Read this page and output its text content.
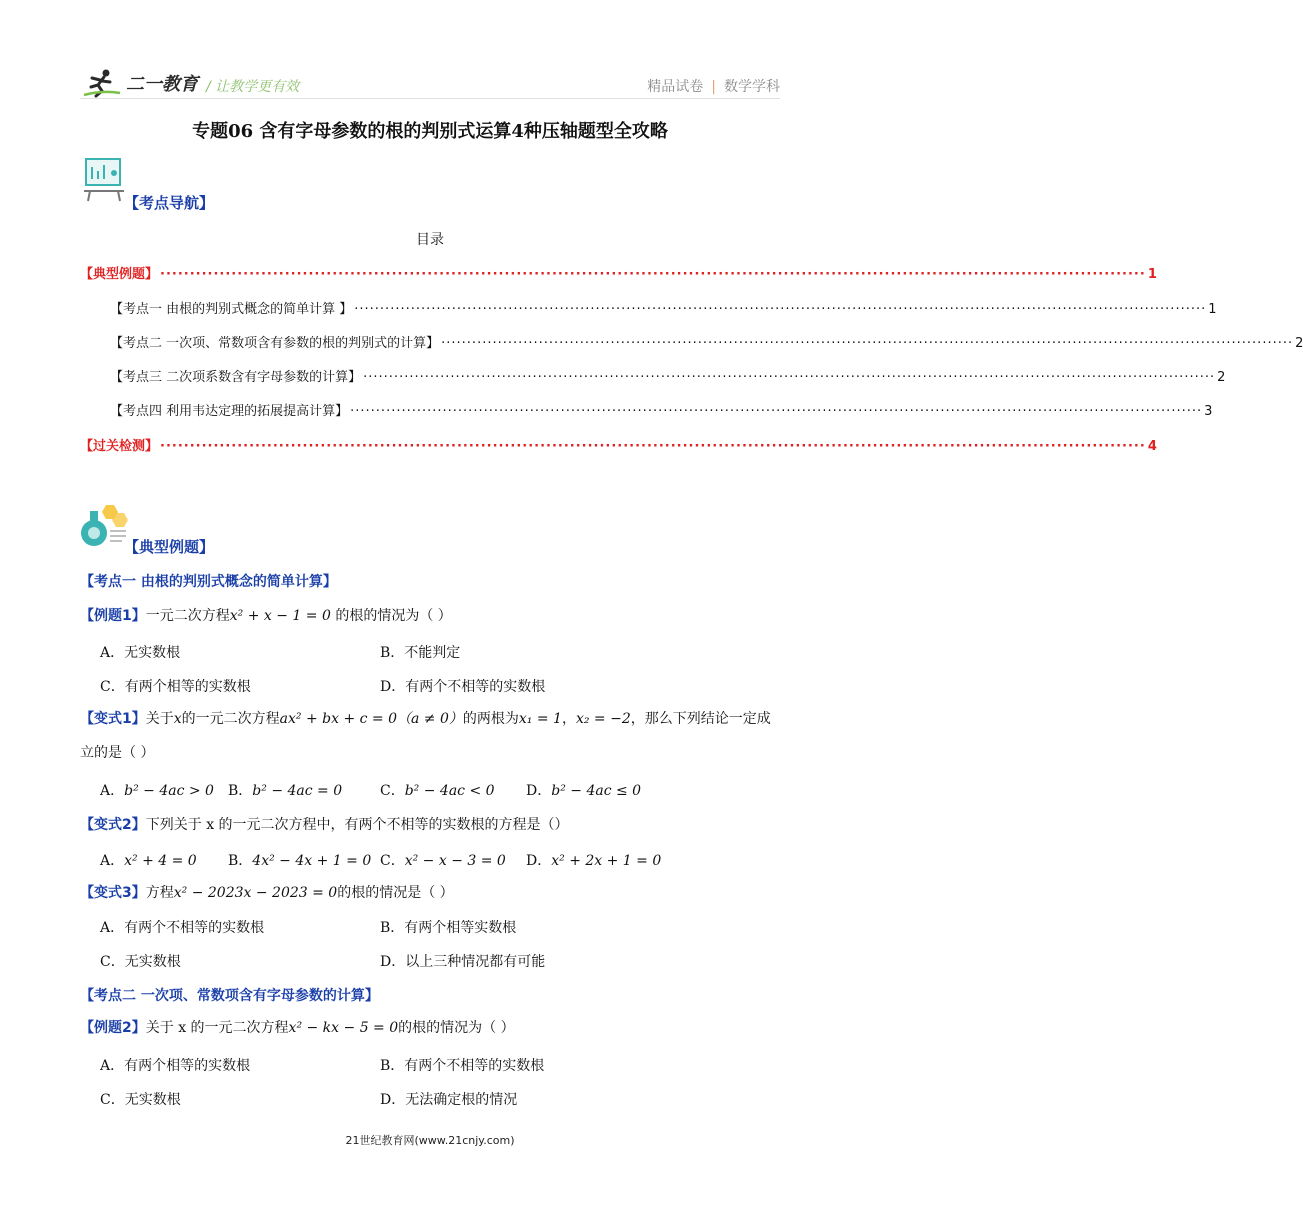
二一教育 / 让教学更有效	精品试卷 | 数学学科
专题06 含有字母参数的根的判别式运算4种压轴题型全攻略
【考点导航】
目录
【典型例题】 ······································································································································································ 1
【考点一 由根的判别式概念的简单计算 】 ······································································································································································ 1
【考点二 一次项、常数项含有参数的根的判别式的计算】 ······································································································································································ 2
【考点三 二次项系数含有字母参数的计算】 ······································································································································································ 2
【考点四 利用韦达定理的拓展提高计算】 ······································································································································································ 3
【过关检测】 ······································································································································································ 4
【典型例题】
【考点一 由根的判别式概念的简单计算】
【例题1】一元二次方程x² + x − 1 = 0 的根的情况为（ ）
A．无实数根	B．不能判定
C．有两个相等的实数根	D．有两个不相等的实数根
【变式1】关于x的一元二次方程ax² + bx + c = 0（a ≠ 0）的两根为x₁ = 1，x₂ = −2，那么下列结论一定成
立的是（ ）
A．b² − 4ac > 0 B．b² − 4ac = 0	C．b² − 4ac < 0 D．b² − 4ac ≤ 0
【变式2】下列关于 x 的一元二次方程中，有两个不相等的实数根的方程是（）
A．x² + 4 = 0 B．4x² − 4x + 1 = 0 C．x² − x − 3 = 0 D．x² + 2x + 1 = 0
【变式3】方程x² − 2023x − 2023 = 0的根的情况是（ ）
A．有两个不相等的实数根	B．有两个相等实数根
C．无实数根	D．以上三种情况都有可能
【考点二 一次项、常数项含有字母参数的计算】
【例题2】关于 x 的一元二次方程x² − kx − 5 = 0的根的情况为（ ）
A．有两个相等的实数根	B．有两个不相等的实数根
C．无实数根	D．无法确定根的情况
21世纪教育网(www.21cnjy.com)
